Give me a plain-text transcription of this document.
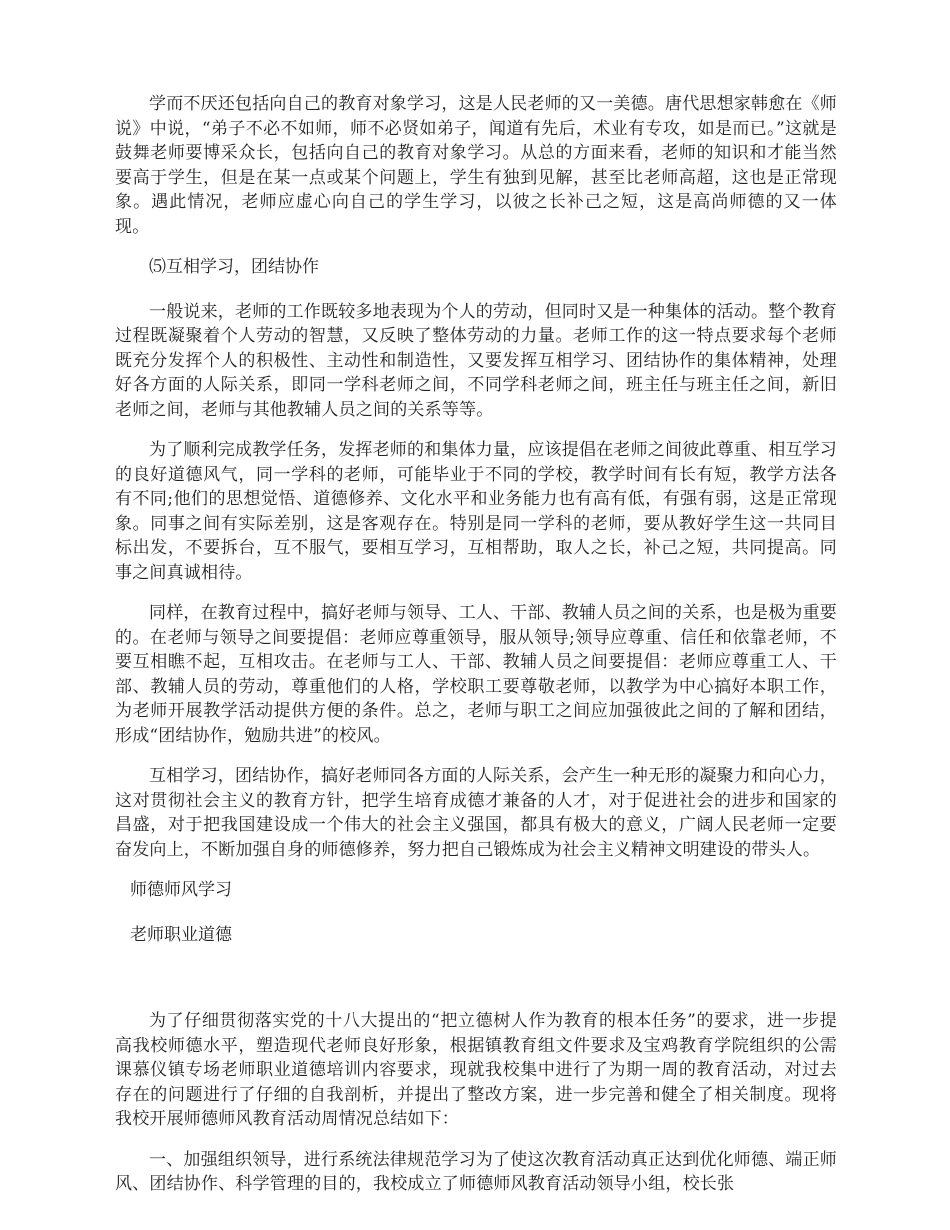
学而不厌还包括向自己的教育对象学习，这是人民老师的又一美德。唐代思想家韩愈在《师说》中说，“弟子不必不如师，师不必贤如弟子，闻道有先后，术业有专攻，如是而已。”这就是鼓舞老师要博采众长，包括向自己的教育对象学习。从总的方面来看，老师的知识和才能当然要高于学生，但是在某一点或某个问题上，学生有独到见解，甚至比老师高超，这也是正常现象。遇此情况，老师应虚心向自己的学生学习，以彼之长补己之短，这是高尚师德的又一体现。

⑸互相学习，团结协作

一般说来，老师的工作既较多地表现为个人的劳动，但同时又是一种集体的活动。整个教育过程既凝聚着个人劳动的智慧，又反映了整体劳动的力量。老师工作的这一特点要求每个老师既充分发挥个人的积极性、主动性和制造性，又要发挥互相学习、团结协作的集体精神，处理好各方面的人际关系，即同一学科老师之间，不同学科老师之间，班主任与班主任之间，新旧老师之间，老师与其他教辅人员之间的关系等等。

为了顺利完成教学任务，发挥老师的和集体力量，应该提倡在老师之间彼此尊重、相互学习的良好道德风气，同一学科的老师，可能毕业于不同的学校，教学时间有长有短，教学方法各有不同;他们的思想觉悟、道德修养、文化水平和业务能力也有高有低，有强有弱，这是正常现象。同事之间有实际差别，这是客观存在。特别是同一学科的老师，要从教好学生这一共同目标出发，不要拆台，互不服气，要相互学习，互相帮助，取人之长，补己之短，共同提高。同事之间真诚相待。

同样，在教育过程中，搞好老师与领导、工人、干部、教辅人员之间的关系，也是极为重要的。在老师与领导之间要提倡：老师应尊重领导，服从领导;领导应尊重、信任和依靠老师，不要互相瞧不起，互相攻击。在老师与工人、干部、教辅人员之间要提倡：老师应尊重工人、干部、教辅人员的劳动，尊重他们的人格，学校职工要尊敬老师，以教学为中心搞好本职工作，为老师开展教学活动提供方便的条件。总之，老师与职工之间应加强彼此之间的了解和团结，形成“团结协作，勉励共进”的校风。

互相学习，团结协作，搞好老师同各方面的人际关系，会产生一种无形的凝聚力和向心力，这对贯彻社会主义的教育方针，把学生培育成德才兼备的人才，对于促进社会的进步和国家的昌盛，对于把我国建设成一个伟大的社会主义强国，都具有极大的意义，广阔人民老师一定要奋发向上，不断加强自身的师德修养，努力把自己锻炼成为社会主义精神文明建设的带头人。

师德师风学习

老师职业道德

为了仔细贯彻落实党的十八大提出的“把立德树人作为教育的根本任务”的要求，进一步提高我校师德水平，塑造现代老师良好形象，根据镇教育组文件要求及宝鸡教育学院组织的公需课慕仪镇专场老师职业道德培训内容要求，现就我校集中进行了为期一周的教育活动，对过去存在的问题进行了仔细的自我剖析，并提出了整改方案，进一步完善和健全了相关制度。现将我校开展师德师风教育活动周情况总结如下：

一、加强组织领导，进行系统法律规范学习为了使这次教育活动真正达到优化师德、端正师风、团结协作、科学管理的目的，我校成立了师德师风教育活动领导小组，校长张
